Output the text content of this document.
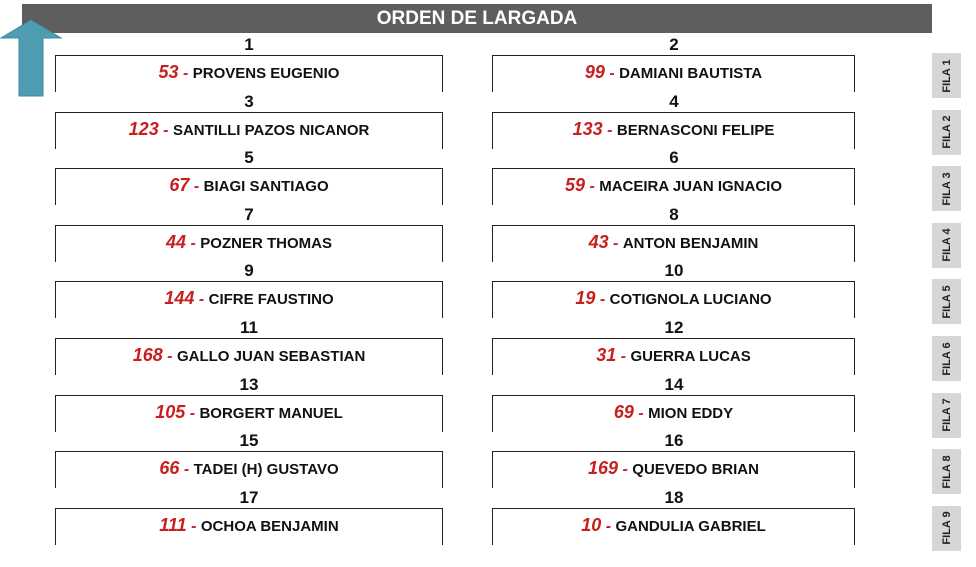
ORDEN DE LARGADA
1
53 - PROVENS EUGENIO
2
99 - DAMIANI BAUTISTA
3
123 - SANTILLI PAZOS NICANOR
4
133 - BERNASCONI FELIPE
5
67 - BIAGI SANTIAGO
6
59 - MACEIRA JUAN IGNACIO
7
44 - POZNER THOMAS
8
43 - ANTON BENJAMIN
9
144 - CIFRE FAUSTINO
10
19 - COTIGNOLA LUCIANO
11
168 - GALLO JUAN SEBASTIAN
12
31 - GUERRA LUCAS
13
105 - BORGERT MANUEL
14
69 - MION EDDY
15
66 - TADEI (H) GUSTAVO
16
169 - QUEVEDO BRIAN
17
111 - OCHOA BENJAMIN
18
10 - GANDULIA GABRIEL
FILA 1
FILA 2
FILA 3
FILA 4
FILA 5
FILA 6
FILA 7
FILA 8
FILA 9
